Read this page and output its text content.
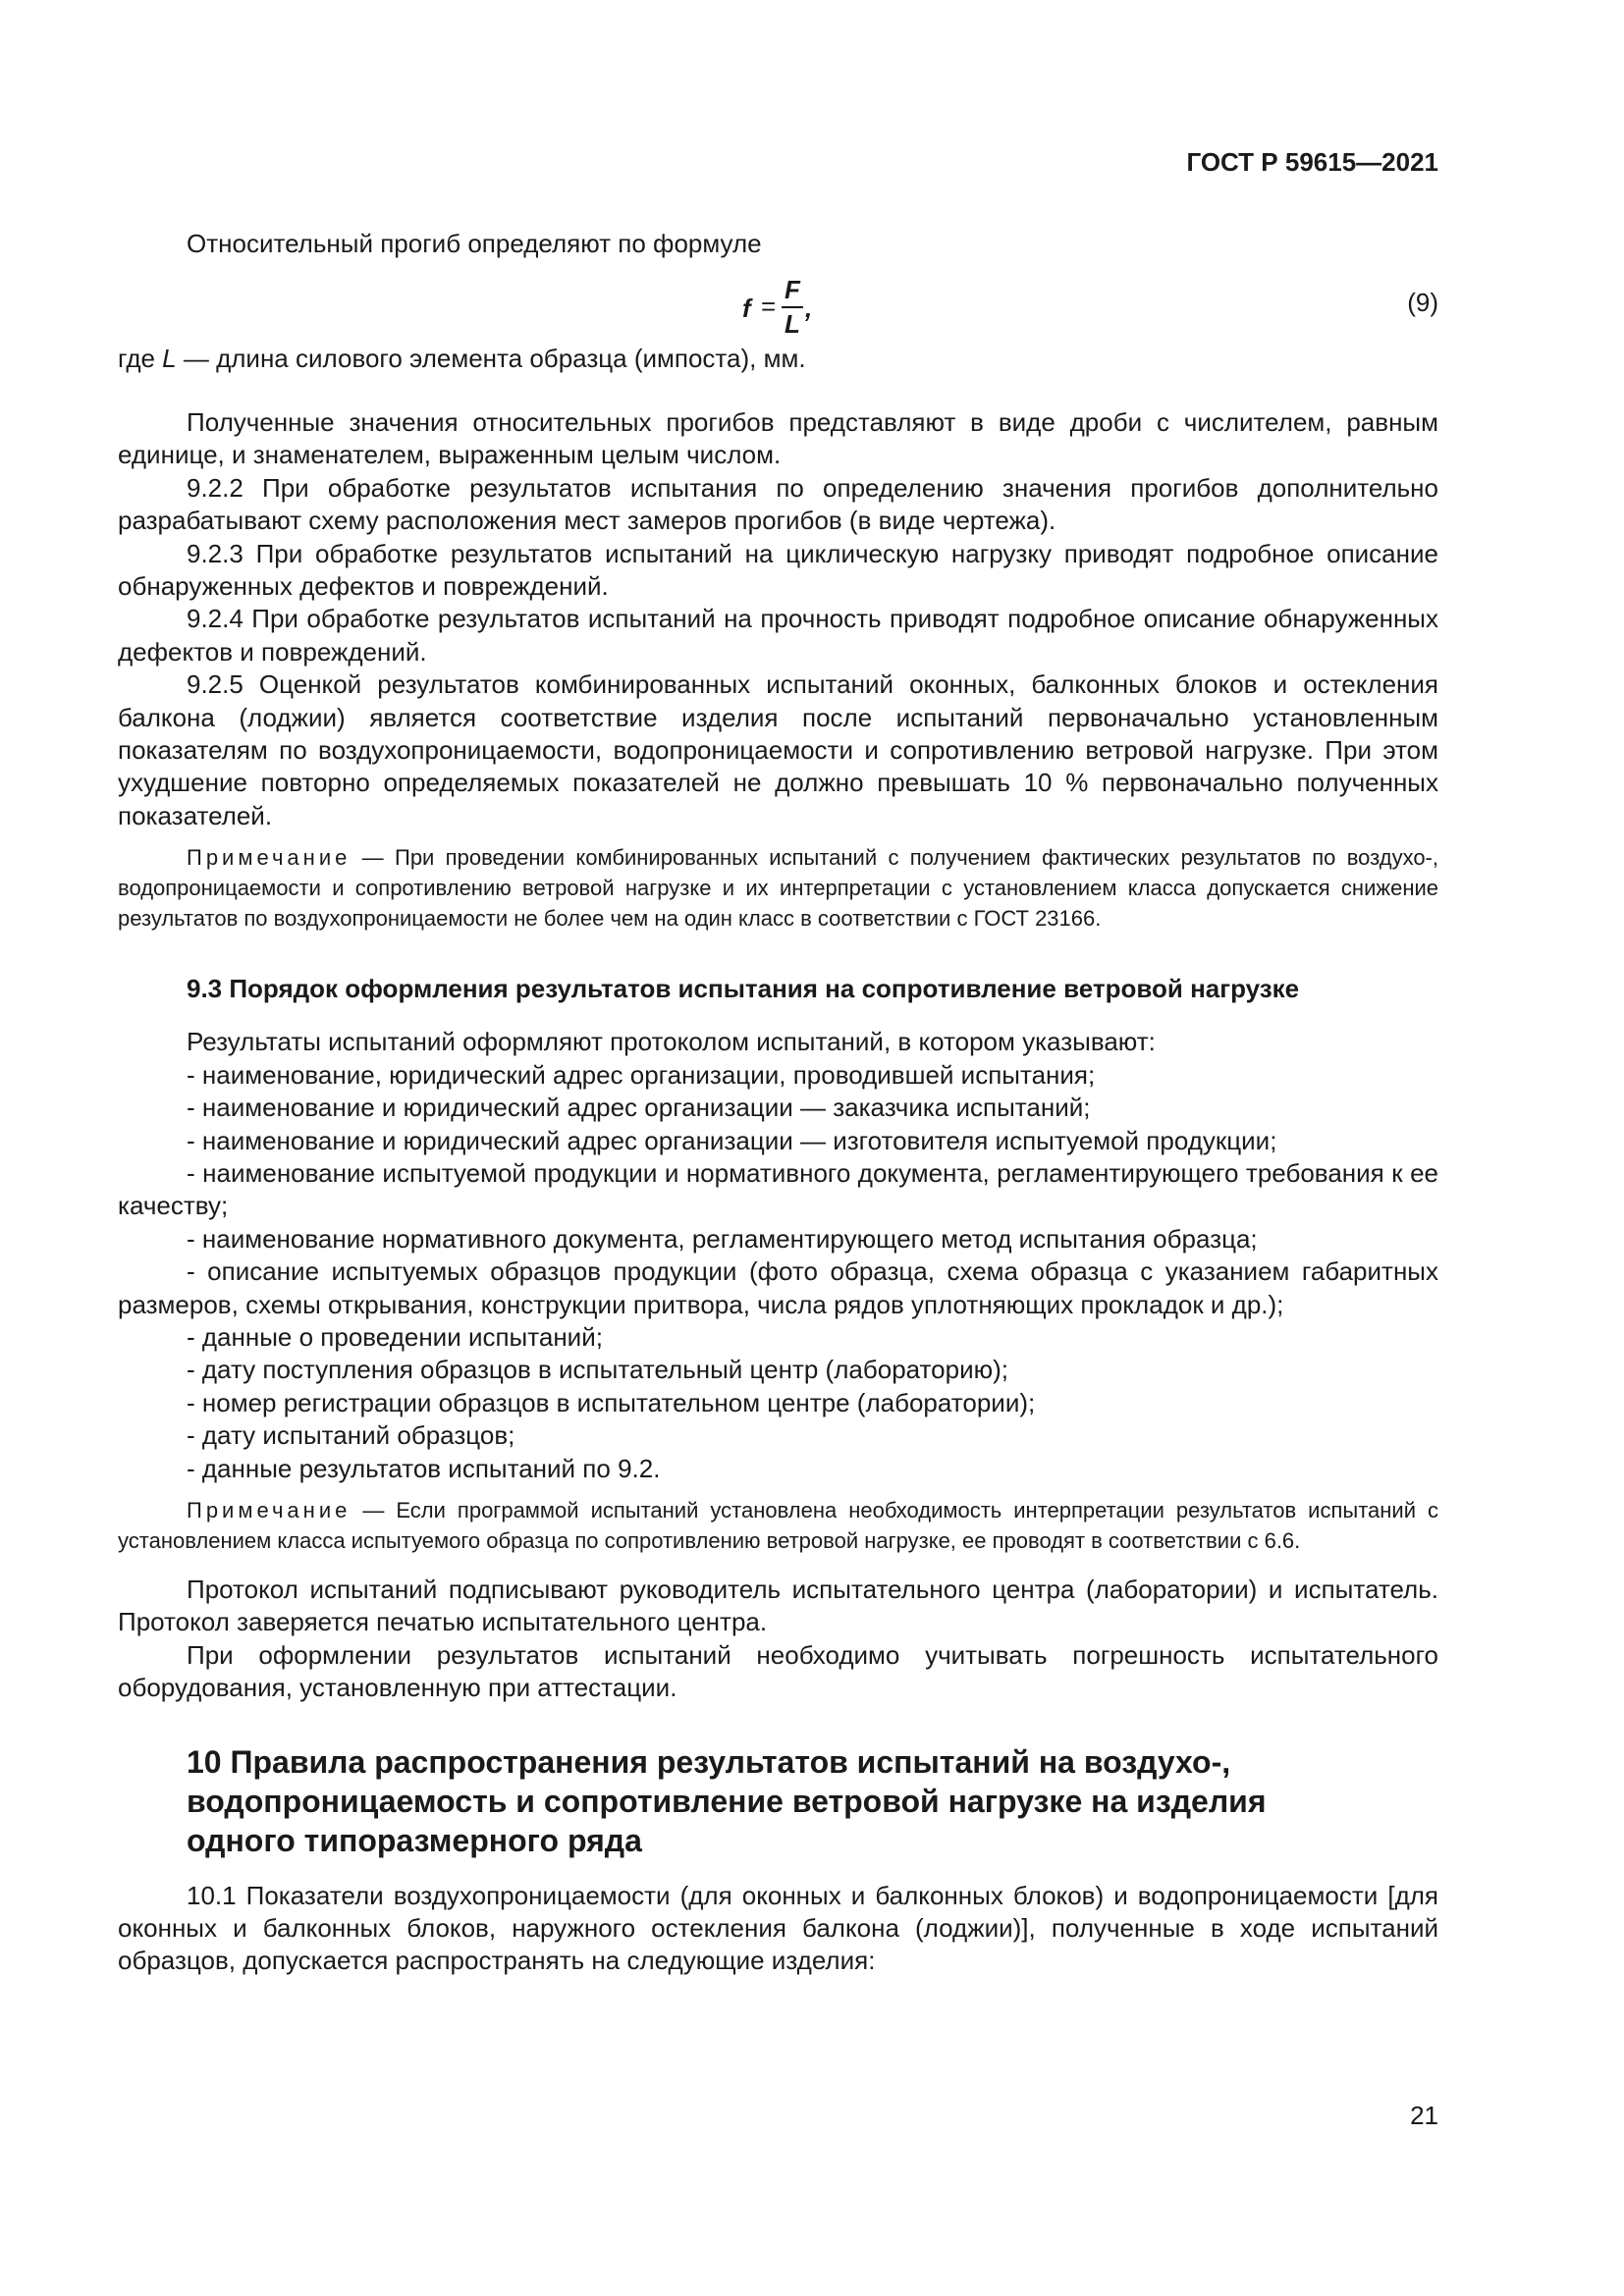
ГОСТ Р 59615—2021
Относительный прогиб определяют по формуле
f =
F
L
,	(9)
где L — длина силового элемента образца (импоста), мм.

Полученные значения относительных прогибов представляют в виде дроби с числителем, равным единице, и знаменателем, выраженным целым числом.

9.2.2 При обработке результатов испытания по определению значения прогибов дополнительно разрабатывают схему расположения мест замеров прогибов (в виде чертежа).

9.2.3 При обработке результатов испытаний на циклическую нагрузку приводят подробное описание обнаруженных дефектов и повреждений.

9.2.4 При обработке результатов испытаний на прочность приводят подробное описание обнаруженных дефектов и повреждений.

9.2.5 Оценкой результатов комбинированных испытаний оконных, балконных блоков и остекления балкона (лоджии) является соответствие изделия после испытаний первоначально установленным показателям по воздухопроницаемости, водопроницаемости и сопротивлению ветровой нагрузке. При этом ухудшение повторно определяемых показателей не должно превышать 10 % первоначально полученных показателей.

Примечание — При проведении комбинированных испытаний с получением фактических результатов по воздухо-, водопроницаемости и сопротивлению ветровой нагрузке и их интерпретации с установлением класса допускается снижение результатов по воздухопроницаемости не более чем на один класс в соответствии с ГОСТ 23166.
9.3 Порядок оформления результатов испытания на сопротивление ветровой нагрузке

Результаты испытаний оформляют протоколом испытаний, в котором указывают:

- наименование, юридический адрес организации, проводившей испытания;

- наименование и юридический адрес организации — заказчика испытаний;

- наименование и юридический адрес организации — изготовителя испытуемой продукции;

- наименование испытуемой продукции и нормативного документа, регламентирующего требования к ее качеству;

- наименование нормативного документа, регламентирующего метод испытания образца;

- описание испытуемых образцов продукции (фото образца, схема образца с указанием габаритных размеров, схемы открывания, конструкции притвора, числа рядов уплотняющих прокладок и др.);

- данные о проведении испытаний;

- дату поступления образцов в испытательный центр (лабораторию);

- номер регистрации образцов в испытательном центре (лаборатории);

- дату испытаний образцов;

- данные результатов испытаний по 9.2.

Примечание — Если программой испытаний установлена необходимость интерпретации результатов испытаний с установлением класса испытуемого образца по сопротивлению ветровой нагрузке, ее проводят в соответствии с 6.6.

Протокол испытаний подписывают руководитель испытательного центра (лаборатории) и испытатель. Протокол заверяется печатью испытательного центра.

При оформлении результатов испытаний необходимо учитывать погрешность испытательного оборудования, установленную при аттестации.

10 Правила распространения результатов испытаний на воздухо-, водопроницаемость и сопротивление ветровой нагрузке на изделия одного типоразмерного ряда

10.1 Показатели воздухопроницаемости (для оконных и балконных блоков) и водопроницаемости [для оконных и балконных блоков, наружного остекления балкона (лоджии)], полученные в ходе испытаний образцов, допускается распространять на следующие изделия:

21
